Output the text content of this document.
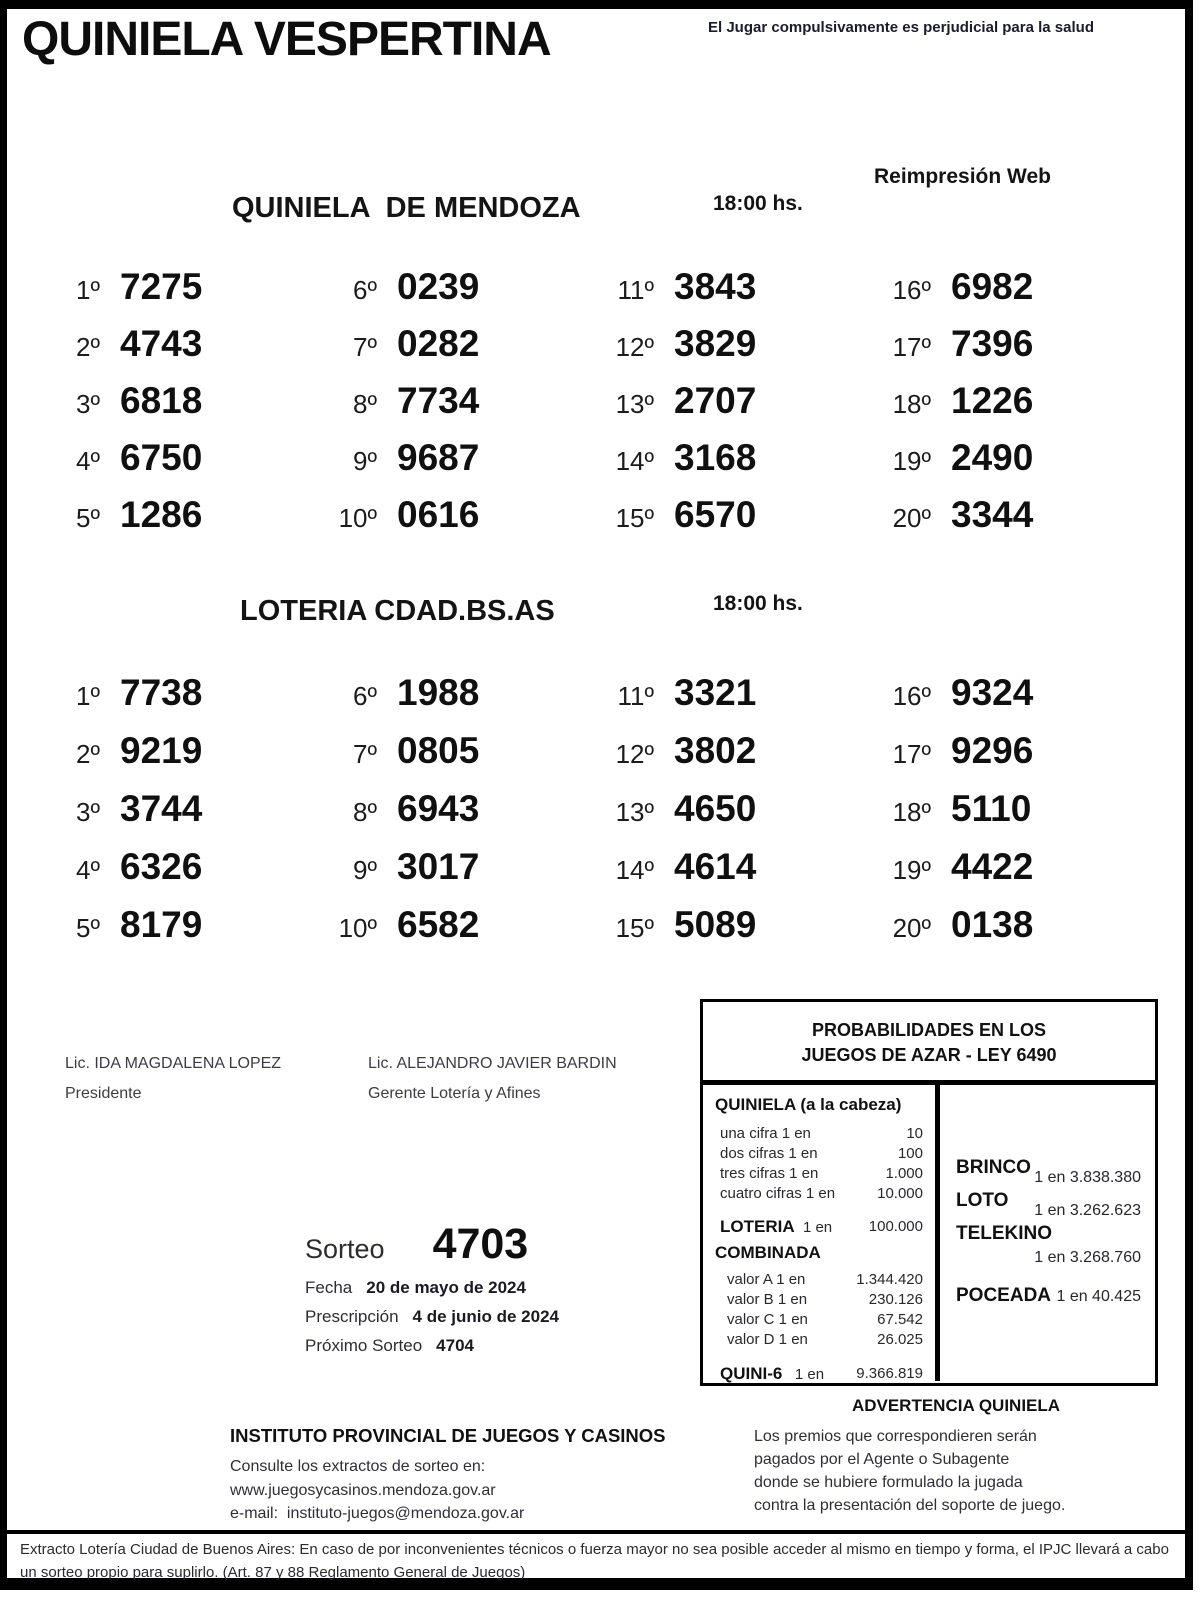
QUINIELA VESPERTINA	El Jugar compulsivamente es perjudicial para la salud
Reimpresión Web
QUINIELA  DE MENDOZA	18:00 hs.
1º 7275
2º 4743
3º 6818
4º 6750
5º 1286
6º 0239
7º 0282
8º 7734
9º 9687
10º 0616
11º 3843
12º 3829
13º 2707
14º 3168
15º 6570
16º 6982
17º 7396
18º 1226
19º 2490
20º 3344
LOTERIA CDAD.BS.AS	18:00 hs.
1º 7738
2º 9219
3º 3744
4º 6326
5º 8179
6º 1988
7º 0805
8º 6943
9º 3017
10º 6582
11º 3321
12º 3802
13º 4650
14º 4614
15º 5089
16º 9324
17º 9296
18º 5110
19º 4422
20º 0138
Lic. IDA MAGDALENA LOPEZ
Presidente
Lic. ALEJANDRO JAVIER BARDIN
Gerente Lotería y Afines
PROBABILIDADES EN LOS
JUEGOS DE AZAR - LEY 6490
QUINIELA (a la cabeza)
una cifra 1 en	10
dos cifras 1 en	100
tres cifras 1 en	1.000
cuatro cifras 1 en	10.000
LOTERIA 1 en 100.000
COMBINADA
valor A 1 en	1.344.420
valor B 1 en	230.126
valor C 1 en	67.542
valor D 1 en	26.025
QUINI-6 1 en 9.366.819
BRINCO 1 en 3.838.380
LOTO 1 en 3.262.623
TELEKINO
1 en 3.268.760
POCEADA 1 en 40.425
Sorteo 4703
Fecha 20 de mayo de 2024
Prescripción 4 de junio de 2024
Próximo Sorteo 4704
INSTITUTO PROVINCIAL DE JUEGOS Y CASINOS
Consulte los extractos de sorteo en:
www.juegosycasinos.mendoza.gov.ar
e-mail:  instituto-juegos@mendoza.gov.ar
ADVERTENCIA QUINIELA
Los premios que correspondieren serán
pagados por el Agente o Subagente
donde se hubiere formulado la jugada
contra la presentación del soporte de juego.
Extracto Lotería Ciudad de Buenos Aires: En caso de por inconvenientes técnicos o fuerza mayor no sea posible acceder al mismo en tiempo y forma, el IPJC llevará a cabo un sorteo propio para suplirlo. (Art. 87 y 88 Reglamento General de Juegos)
